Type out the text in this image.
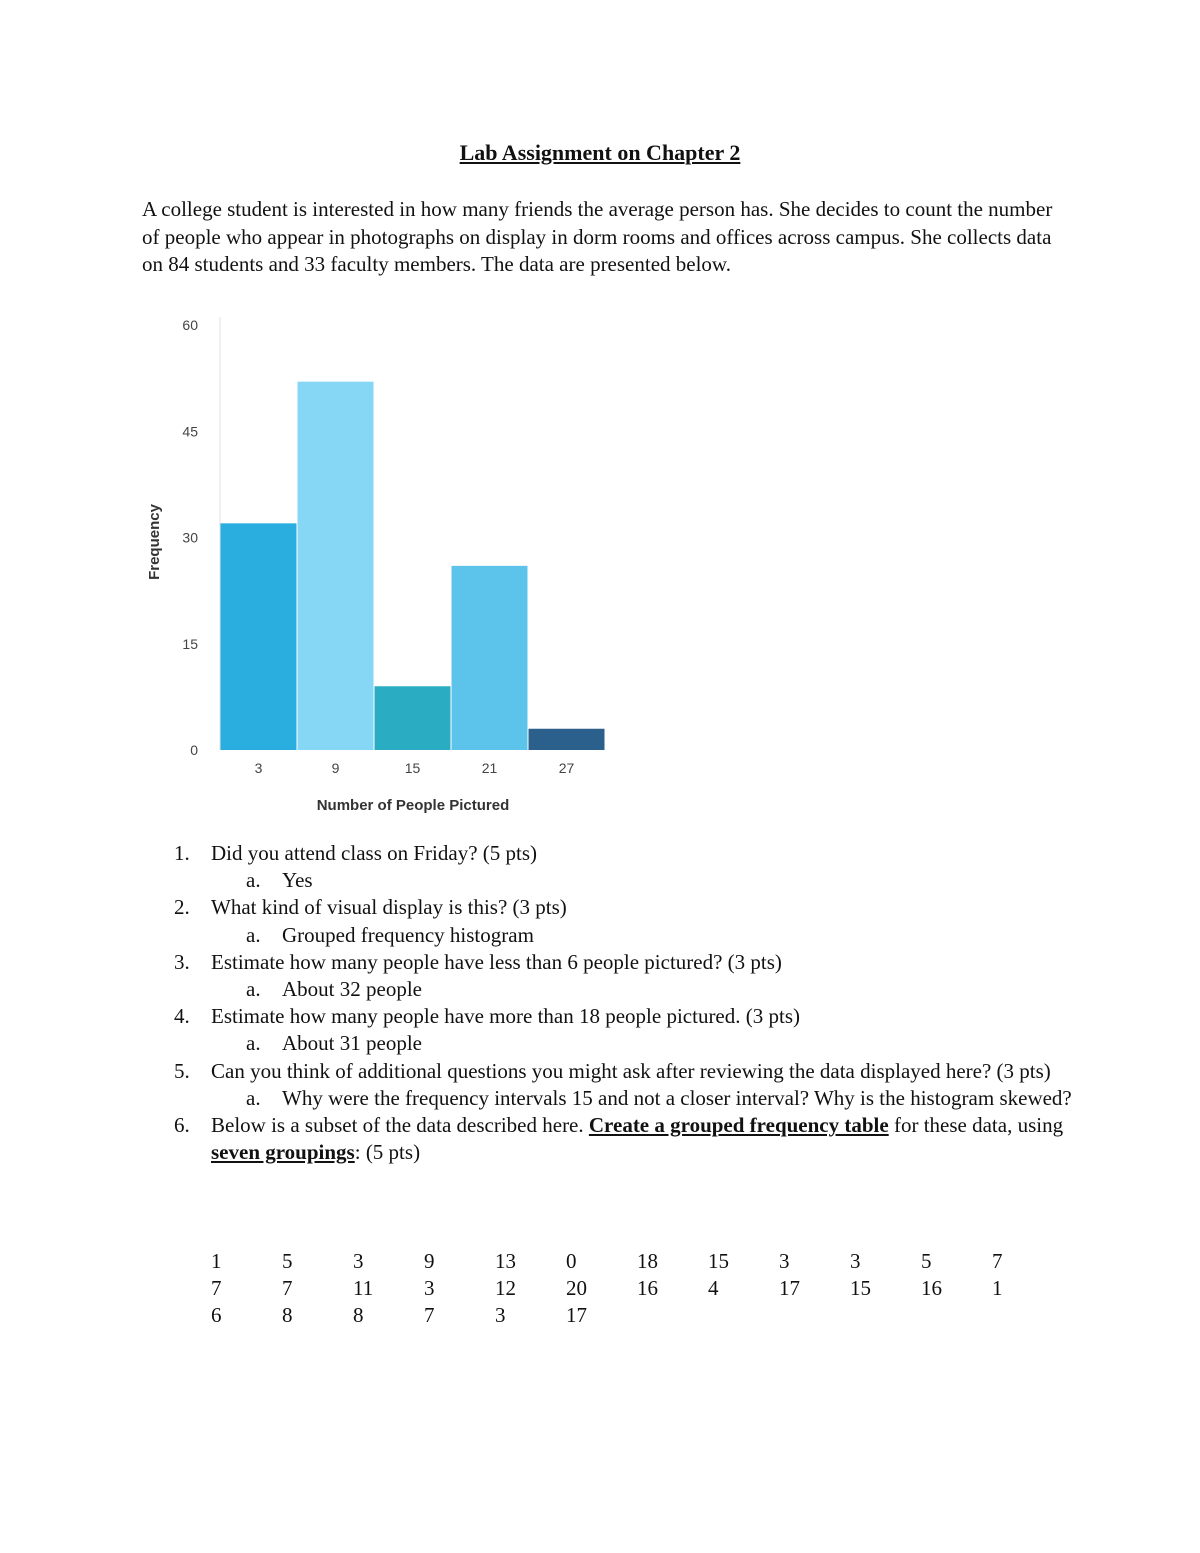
Lab Assignment on Chapter 2

A college student is interested in how many friends the average person has. She decides to count the number of people who appear in photographs on display in dorm rooms and offices across campus. She collects data on 84 students and 33 faculty members. The data are presented below.

0
15
30
45
60
3	9	15	21	27
Frequency
Number of People Pictured
1. Did you attend class on Friday? (5 pts)
a. Yes
2. What kind of visual display is this? (3 pts)
a. Grouped frequency histogram
3. Estimate how many people have less than 6 people pictured? (3 pts)
a. About 32 people
4. Estimate how many people have more than 18 people pictured. (3 pts)
a. About 31 people
5. Can you think of additional questions you might ask after reviewing the data displayed here? (3 pts)
a. Why were the frequency intervals 15 and not a closer interval? Why is the histogram skewed?
6. Below is a subset of the data described here. Create a grouped frequency table for these data, using seven groupings: (5 pts)
1	5	3	9	13	0	18	15	3	3	5	7
7	7	11	3	12	20	16	4	17	15	16	1
6	8	8	7	3	17
